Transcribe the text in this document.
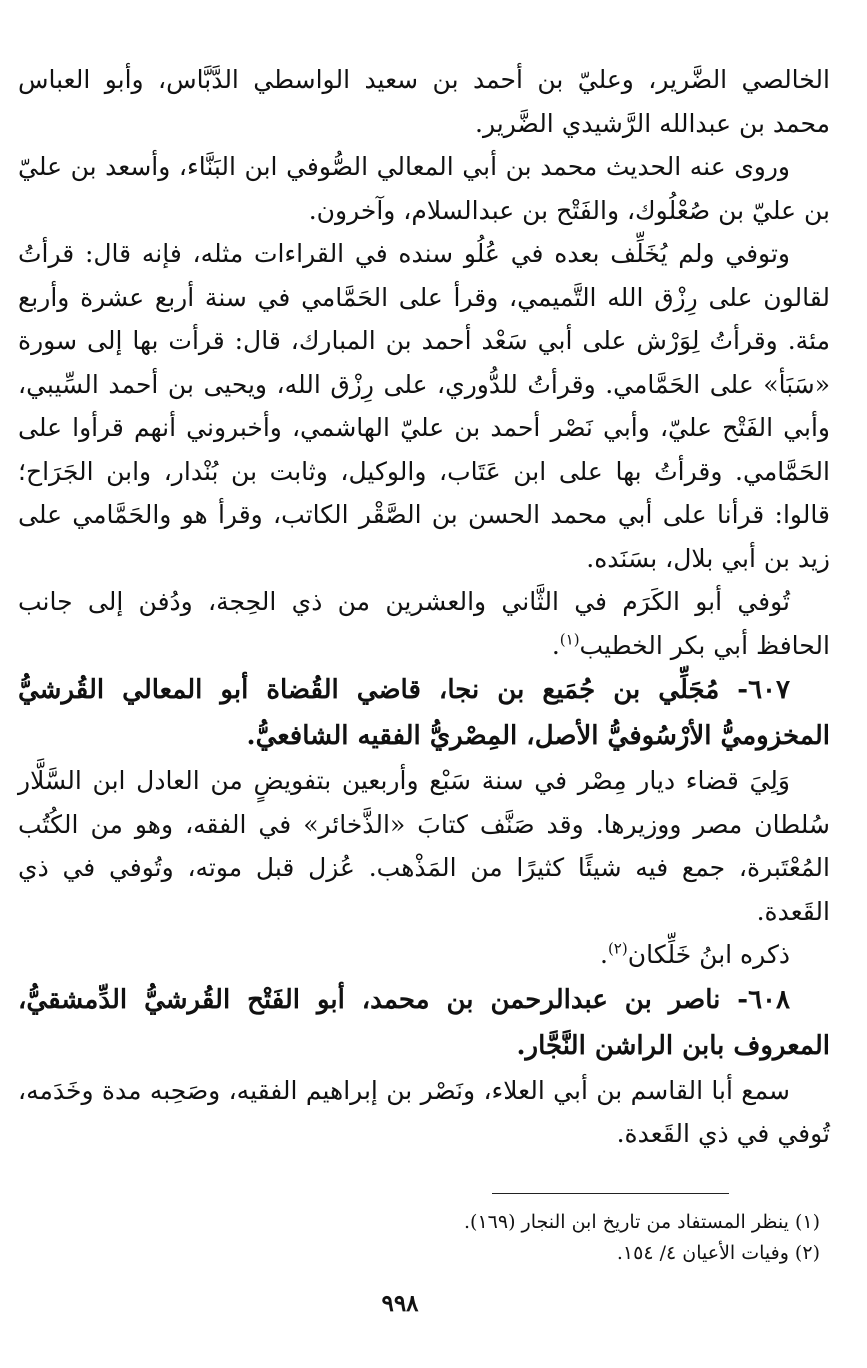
الخالصي الضَّرير، وعليّ بن أحمد بن سعيد الواسطي الدَّبَّاس، وأبو العباس محمد بن عبدالله الرَّشيدي الضَّرير.

وروى عنه الحديث محمد بن أبي المعالي الصُّوفي ابن البَنَّاء، وأسعد بن عليّ بن عليّ بن صُعْلُوك، والفَتْح بن عبدالسلام، وآخرون.

وتوفي ولم يُخَلِّف بعده في عُلُو سنده في القراءات مثله، فإنه قال: قرأتُ لقالون على رِزْق الله التَّميمي، وقرأ على الحَمَّامي في سنة أربع عشرة وأربع مئة. وقرأتُ لِوَرْش على أبي سَعْد أحمد بن المبارك، قال: قرأت بها إلى سورة «سَبَأ» على الحَمَّامي. وقرأتُ للدُّوري، على رِزْق الله، ويحيى بن أحمد السِّيبي، وأبي الفَتْح عليّ، وأبي نَصْر أحمد بن عليّ الهاشمي، وأخبروني أنهم قرأوا على الحَمَّامي. وقرأتُ بها على ابن عَتَاب، والوكيل، وثابت بن بُنْدار، وابن الجَرَاح؛ قالوا: قرأنا على أبي محمد الحسن بن الصَّقْر الكاتب، وقرأ هو والحَمَّامي على زيد بن أبي بلال، بسَنَده.

تُوفي أبو الكَرَم في الثَّاني والعشرين من ذي الحِجة، ودُفن إلى جانب الحافظ أبي بكر الخطيب$^{(١)}$.

٦٠٧- مُجَلِّي بن جُمَيع بن نجا، قاضي القُضاة أبو المعالي القُرشيُّ المخزوميُّ الأرْسُوفيُّ الأصل، المِصْريُّ الفقيه الشافعيُّ.

وَلِيَ قضاء ديار مِصْر في سنة سَبْع وأربعين بتفويضٍ من العادل ابن السَّلَّار سُلطان مصر ووزيرها. وقد صَنَّف كتابَ «الذَّخائر» في الفقه، وهو من الكُتُب المُعْتَبرة، جمع فيه شيئًا كثيرًا من المَذْهب. عُزل قبل موته، وتُوفي في ذي القَعدة.

ذكره ابنُ خَلِّكان$^{(٢)}$.

٦٠٨- ناصر بن عبدالرحمن بن محمد، أبو الفَتْح القُرشيُّ الدِّمشقيُّ، المعروف بابن الراشن النَّجَّار.

سمع أبا القاسم بن أبي العلاء، ونَصْر بن إبراهيم الفقيه، وصَحِبه مدة وخَدَمه، تُوفي في ذي القَعدة.

(١) ينظر المستفاد من تاريخ ابن النجار (١٦٩).

(٢) وفيات الأعيان ٤/ ١٥٤.

٩٩٨
